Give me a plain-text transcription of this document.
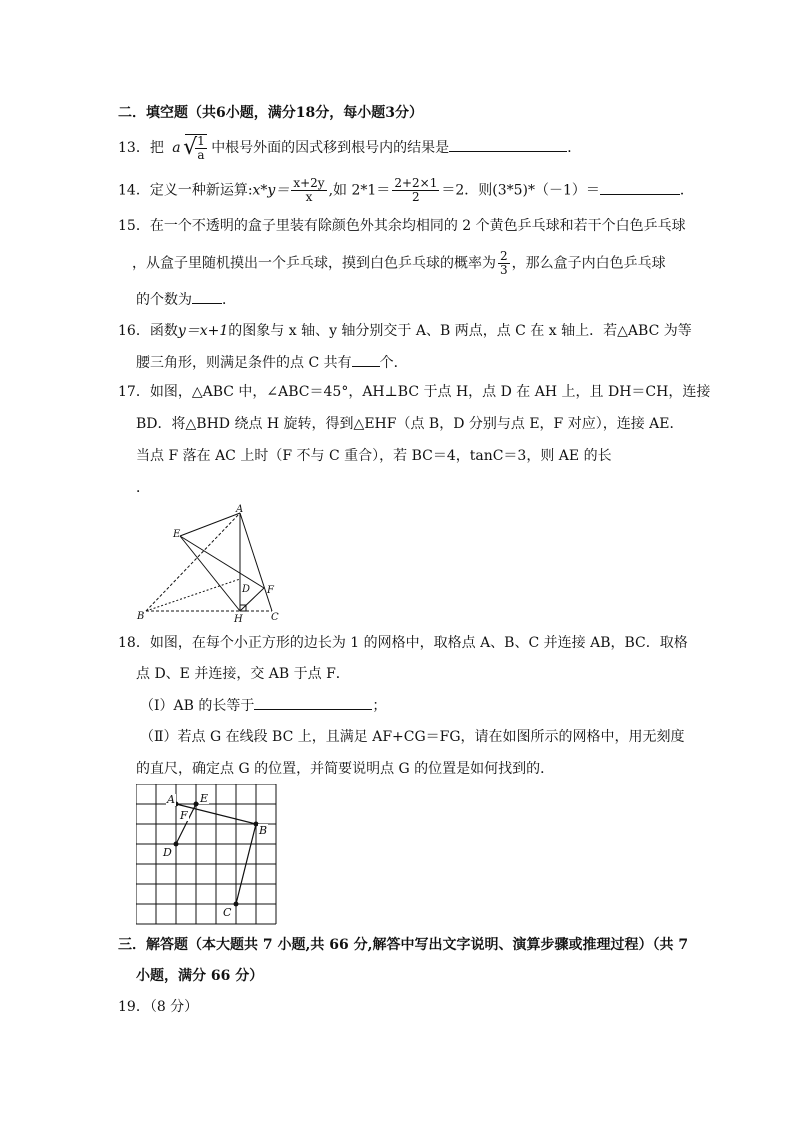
二．填空题（共6小题，满分18分，每小题3分）
13．把 a √
$\frac{1}{a}$ 中根号外面的因式移到根号内的结果是	．
14．定义一种新运算:x*y＝ $\frac{x+2y}{x}$ ,如 $2*1= \frac{2+2\times 1}{2} =2$．则(3*5)*（－1）＝	．
15．在一个不透明的盒子里装有除颜色外其余均相同的 2 个黄色乒乓球和若干个白色乒乓球
，从盒子里随机摸出一个乒乓球，摸到白色乒乓球的概率为 $\frac{2}{3}$ ，那么盒子内白色乒乓球
的个数为 ．
16．函数y＝x+1的图象与 x 轴、y 轴分别交于 A、B 两点，点 C 在 x 轴上．若△ABC 为等
腰三角形，则满足条件的点 C 共有 个．
17．如图，△ABC 中，∠ABC＝45°，AH⊥BC 于点 H，点 D 在 AH 上，且 DH＝CH，连接
BD．将△BHD 绕点 H 旋转，得到△EHF（点 B，D 分别与点 E，F 对应），连接 AE．
当点 F 落在 AC 上时（F 不与 C 重合），若 BC＝4，tanC＝3，则 AE 的长
．
A
E
D F
B	H	C
18．如图，在每个小正方形的边长为 1 的网格中，取格点 A、B、C 并连接 AB，BC．取格
点 D、E 并连接，交 AB 于点 F．
（Ⅰ）AB 的长等于	；
（Ⅱ）若点 G 在线段 BC 上，且满足 AF+CG＝FG，请在如图所示的网格中，用无刻度
的直尺，确定点 G 的位置，并简要说明点 G 的位置是如何找到的．
A E
F
B
D
C
三．解答题（本大题共 7 小题,共 66 分,解答中写出文字说明、演算步骤或推理过程）（共 7
小题，满分 66 分）
19．（8 分）
